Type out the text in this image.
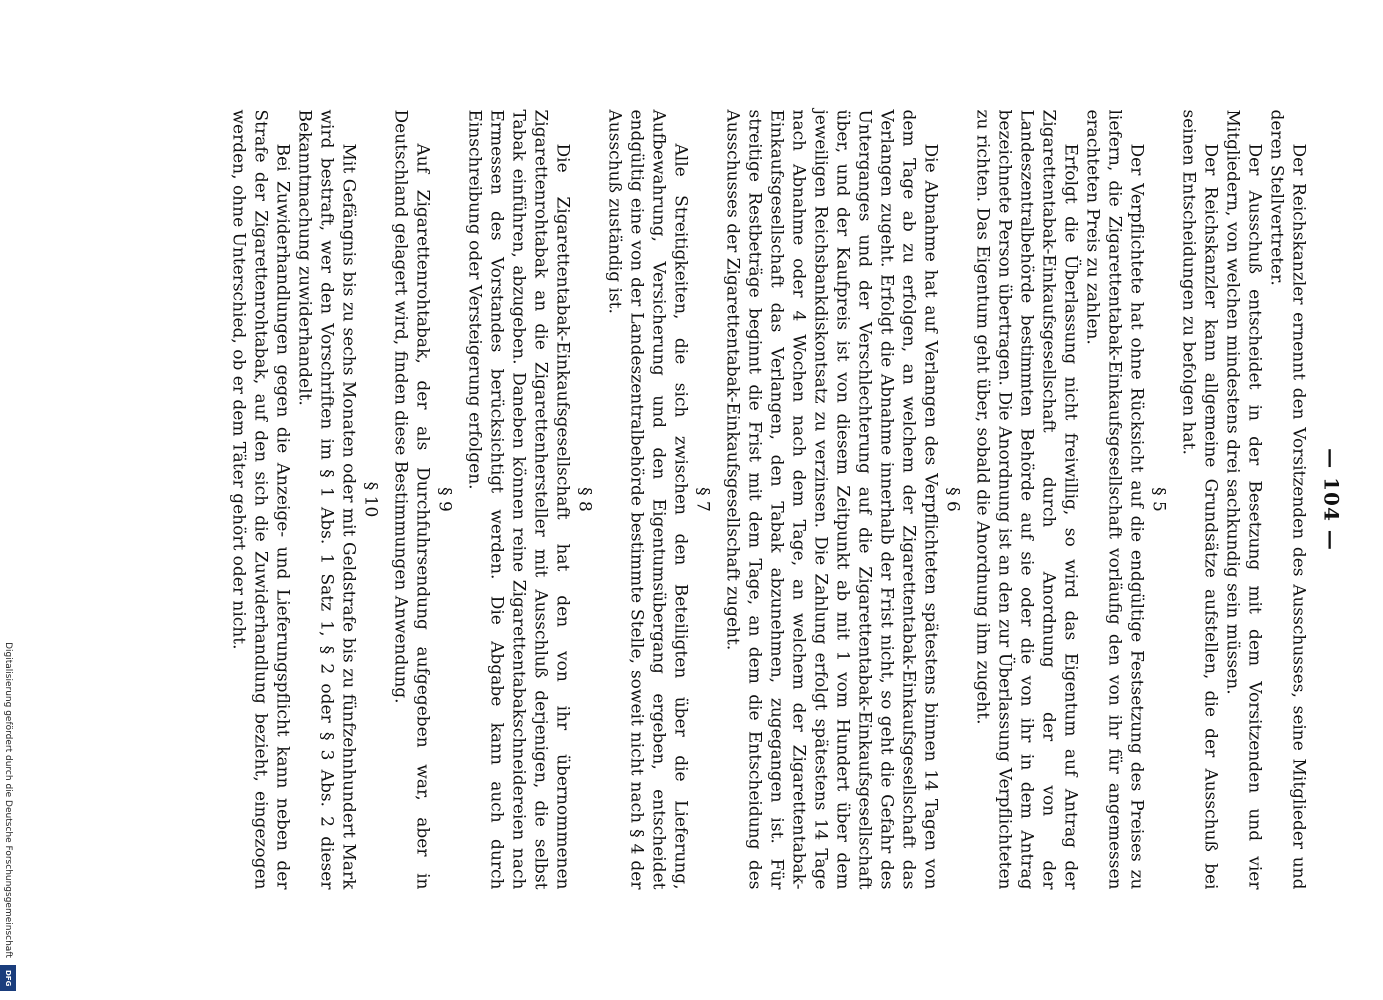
— 104 —

Der Reichskanzler ernennt den Vorsitzenden des Ausschusses, seine Mitglieder und deren Stellvertreter.

Der Ausschuß entscheidet in der Besetzung mit dem Vorsitzenden und vier Mitgliedern, von welchen mindestens drei sachkundig sein müssen.

Der Reichskanzler kann allgemeine Grundsätze aufstellen, die der Ausschuß bei seinen Entscheidungen zu befolgen hat.

§ 5

Der Verpflichtete hat ohne Rücksicht auf die endgültige Festsetzung des Preises zu liefern, die Zigarettentabak-Einkaufsgesellschaft vorläufig den von ihr für angemessen erachteten Preis zu zahlen.

Erfolgt die Überlassung nicht freiwillig, so wird das Eigentum auf Antrag der Zigarettentabak-Einkaufsgesellschaft durch Anordnung der von der Landeszentralbehörde bestimmten Behörde auf sie oder die von ihr in dem Antrag bezeichnete Person übertragen. Die Anordnung ist an den zur Überlassung Verpflichteten zu richten. Das Eigentum geht über, sobald die Anordnung ihm zugeht.

§ 6

Die Abnahme hat auf Verlangen des Verpflichteten spätestens binnen 14 Tagen von dem Tage ab zu erfolgen, an welchem der Zigarettentabak-Einkaufsgesellschaft das Verlangen zugeht. Erfolgt die Abnahme innerhalb der Frist nicht, so geht die Gefahr des Unterganges und der Verschlechterung auf die Zigarettentabak-Einkaufsgesellschaft über, und der Kaufpreis ist von diesem Zeitpunkt ab mit 1 vom Hundert über dem jeweiligen Reichsbankdiskontsatz zu verzinsen. Die Zahlung erfolgt spätestens 14 Tage nach Abnahme oder 4 Wochen nach dem Tage, an welchem der Zigarettentabak-Einkaufsgesellschaft das Verlangen, den Tabak abzunehmen, zugegangen ist. Für streitige Restbeträge beginnt die Frist mit dem Tage, an dem die Entscheidung des Ausschusses der Zigarettentabak-Einkaufsgesellschaft zugeht.

§ 7

Alle Streitigkeiten, die sich zwischen den Beteiligten über die Lieferung, Aufbewahrung, Versicherung und den Eigentumsübergang ergeben, entscheidet endgültig eine von der Landeszentralbehörde bestimmte Stelle, soweit nicht nach § 4 der Ausschuß zuständig ist.

§ 8

Die Zigarettentabak-Einkaufsgesellschaft hat den von ihr übernommenen Zigarettenrohtabak an die Zigarettenhersteller mit Ausschluß derjenigen, die selbst Tabak einführen, abzugeben. Daneben können reine Zigarettentabakschneidereien nach Ermessen des Vorstandes berücksichtigt werden. Die Abgabe kann auch durch Einschreibung oder Versteigerung erfolgen.

§ 9

Auf Zigarettenrohtabak, der als Durchfuhrsendung aufgegeben war, aber in Deutschland gelagert wird, finden diese Bestimmungen Anwendung.

§ 10

Mit Gefängnis bis zu sechs Monaten oder mit Geldstrafe bis zu fünfzehnhundert Mark wird bestraft, wer den Vorschriften im § 1 Abs. 1 Satz 1, § 2 oder § 3 Abs. 2 dieser Bekanntmachung zuwiderhandelt.

Bei Zuwiderhandlungen gegen die Anzeige- und Lieferungspflicht kann neben der Strafe der Zigarettenrohtabak, auf den sich die Zuwiderhandlung bezieht, eingezogen werden, ohne Unterschied, ob er dem Täter gehört oder nicht.

Digitalisierung gefördert durch die Deutsche Forschungsgemeinschaft
DFG
